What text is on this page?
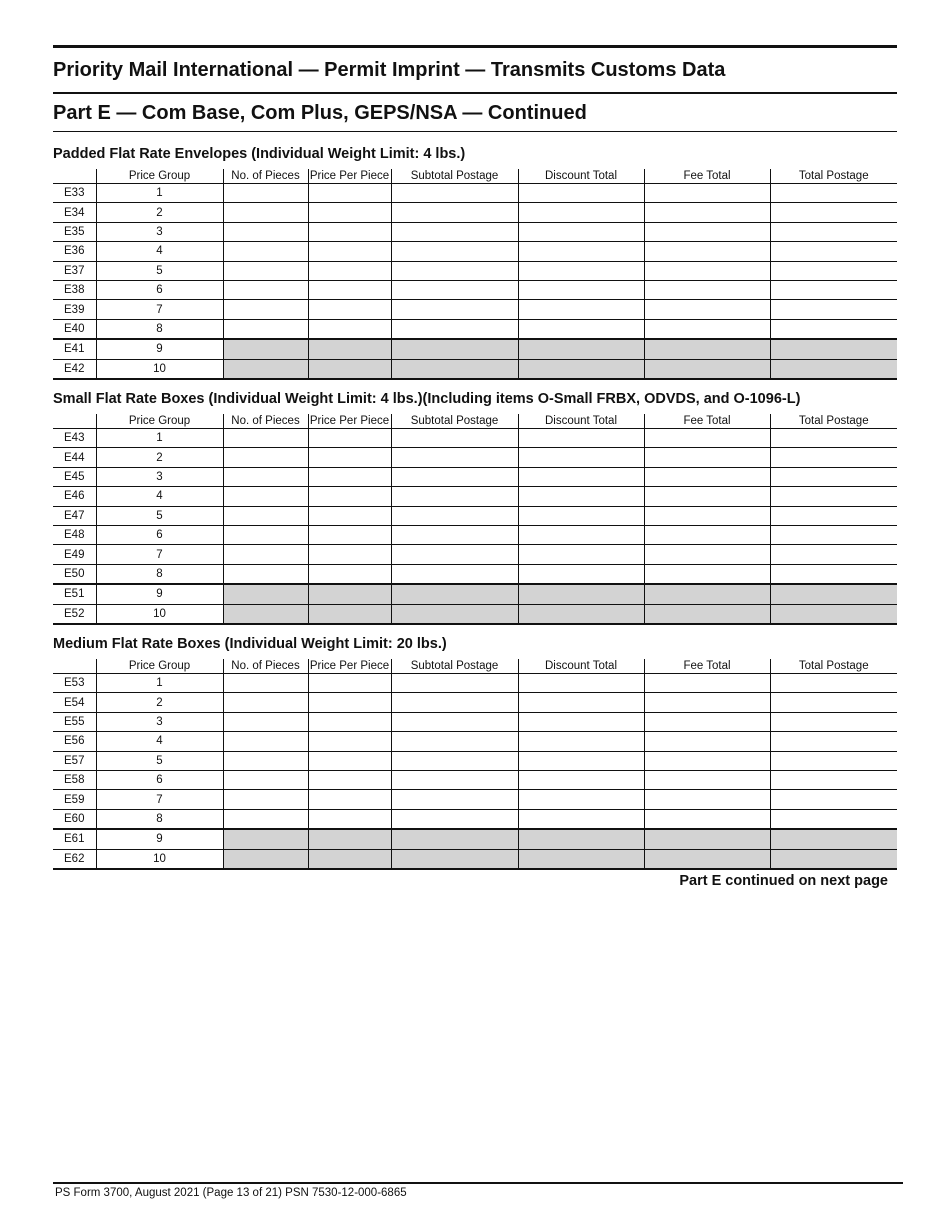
Priority Mail International — Permit Imprint — Transmits Customs Data
Part E — Com Base, Com Plus, GEPS/NSA — Continued
Padded Flat Rate Envelopes (Individual Weight Limit: 4 lbs.)
	Price Group	No. of Pieces	Price Per Piece	Subtotal Postage	Discount Total	Fee Total	Total Postage
E33	1						
E34	2						
E35	3						
E36	4						
E37	5						
E38	6						
E39	7						
E40	8						
E41	9						
E42	10						
Small Flat Rate Boxes (Individual Weight Limit: 4 lbs.)(Including items O-Small FRBX, ODVDS, and O-1096-L)
	Price Group	No. of Pieces	Price Per Piece	Subtotal Postage	Discount Total	Fee Total	Total Postage
E43	1						
E44	2						
E45	3						
E46	4						
E47	5						
E48	6						
E49	7						
E50	8						
E51	9						
E52	10						
Medium Flat Rate Boxes (Individual Weight Limit: 20 lbs.)
	Price Group	No. of Pieces	Price Per Piece	Subtotal Postage	Discount Total	Fee Total	Total Postage
E53	1						
E54	2						
E55	3						
E56	4						
E57	5						
E58	6						
E59	7						
E60	8						
E61	9						
E62	10						
Part E continued on next page
PS Form 3700, August 2021 (Page 13 of 21) PSN 7530-12-000-6865
